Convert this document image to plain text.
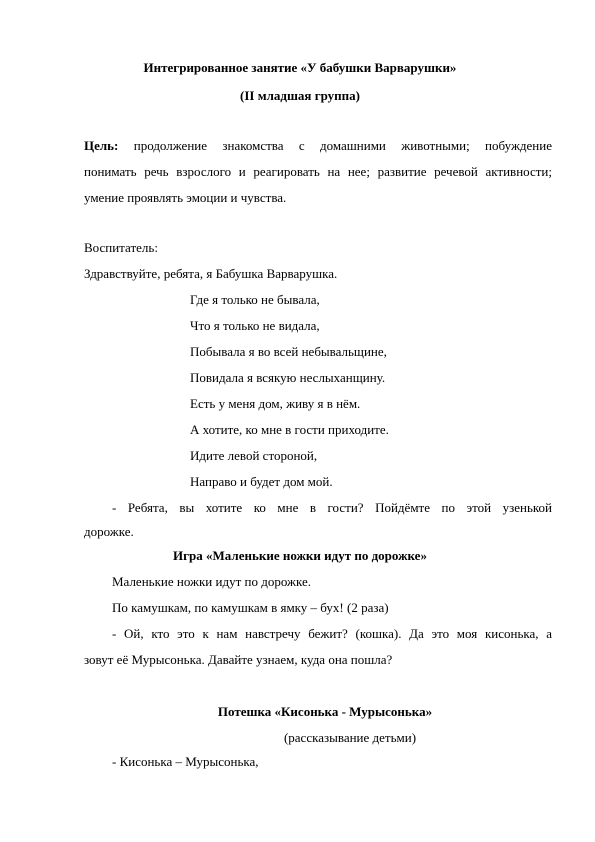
Интегрированное занятие «У бабушки Варварушки»
(II младшая группа)
Цель: продолжение знакомства с домашними животными; побуждение
понимать речь взрослого и реагировать на нее; развитие речевой активности;
умение проявлять эмоции и чувства.
Воспитатель:
Здравствуйте, ребята, я Бабушка Варварушка.
Где я только не бывала,
Что я только не видала,
Побывала я во всей небывальщине,
Повидала я всякую неслыханщину.
Есть у меня дом, живу я в нём.
А хотите, ко мне в гости приходите.
Идите левой стороной,
Направо и будет дом мой.
- Ребята, вы хотите ко мне в гости? Пойдёмте по этой узенькой
дорожке.
Игра «Маленькие ножки идут по дорожке»
Маленькие ножки идут по дорожке.
По камушкам, по камушкам в ямку – бух! (2 раза)
- Ой, кто это к нам навстречу бежит? (кошка). Да это моя кисонька, а
зовут её Мурысонька. Давайте узнаем, куда она пошла?
Потешка «Кисонька - Мурысонька»
(рассказывание детьми)
- Кисонька – Мурысонька,
